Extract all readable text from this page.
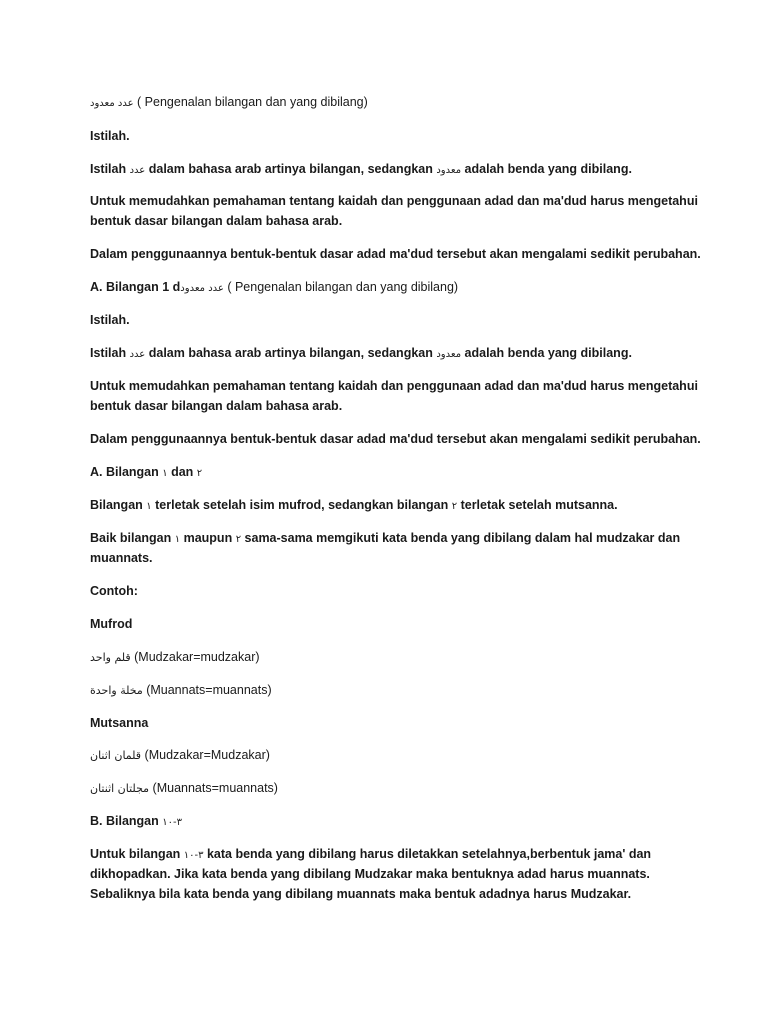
عدد معدود ( Pengenalan bilangan dan yang dibilang)
Istilah.
Istilah عدد dalam bahasa arab artinya bilangan, sedangkan معدود adalah benda yang dibilang.
Untuk memudahkan pemahaman tentang kaidah dan penggunaan adad dan ma'dud harus mengetahui
bentuk dasar bilangan dalam bahasa arab.
Dalam penggunaannya bentuk-bentuk dasar adad ma'dud tersebut akan mengalami sedikit perubahan.
A. Bilangan 1 dعدد معدود ( Pengenalan bilangan dan yang dibilang)
Istilah.
Istilah عدد dalam bahasa arab artinya bilangan, sedangkan معدود adalah benda yang dibilang.
Untuk memudahkan pemahaman tentang kaidah dan penggunaan adad dan ma'dud harus mengetahui
bentuk dasar bilangan dalam bahasa arab.
Dalam penggunaannya bentuk-bentuk dasar adad ma'dud tersebut akan mengalami sedikit perubahan.
A. Bilangan ١ dan ٢
Bilangan ١ terletak setelah isim mufrod, sedangkan bilangan ٢ terletak setelah mutsanna.
Baik bilangan ١ maupun ٢ sama-sama memgikuti kata benda yang dibilang dalam hal mudzakar dan
muannats.
Contoh:
Mufrod
قلم واحد (Mudzakar=mudzakar)
مخلة واحدة (Muannats=muannats)
Mutsanna
قلمان اثنان (Mudzakar=Mudzakar)
مجلتان اثنتان (Muannats=muannats)
B. Bilangan ٣-١٠
Untuk bilangan ٣-١٠ kata benda yang dibilang harus diletakkan setelahnya,berbentuk jama' dan
dikhopadkan. Jika kata benda yang dibilang Mudzakar maka bentuknya adad harus muannats.
Sebaliknya bila kata benda yang dibilang muannats maka bentuk adadnya harus Mudzakar.
